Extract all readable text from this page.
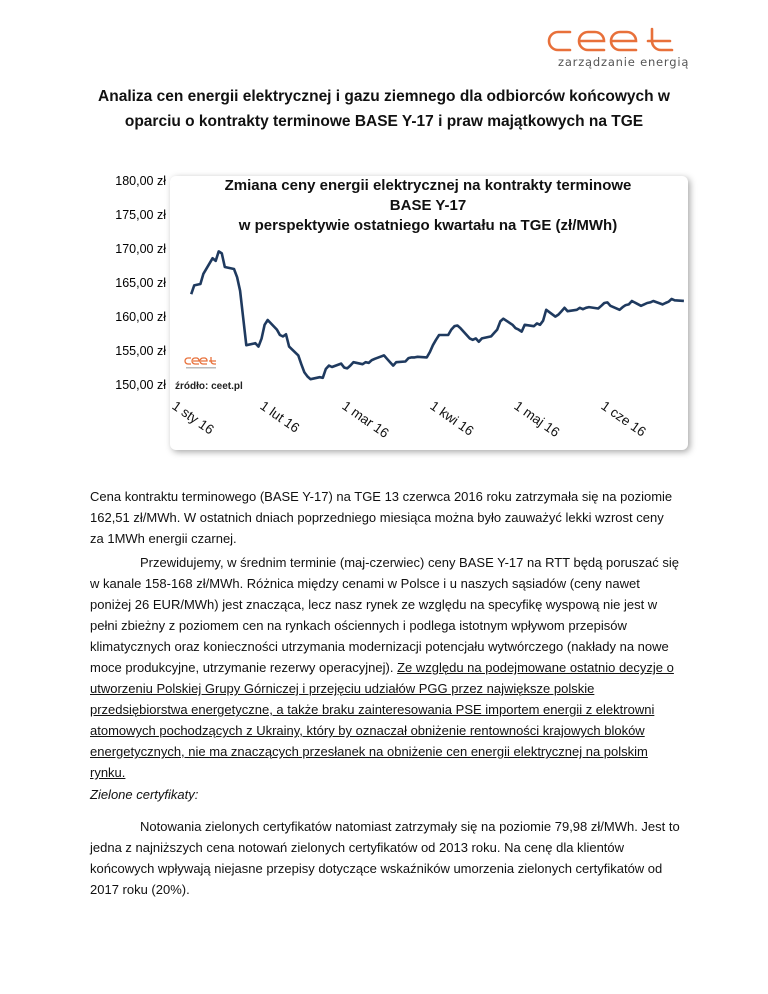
zarządzanie energią
Analiza cen energii elektrycznej i gazu ziemnego dla odbiorców końcowych w
oparciu o kontrakty terminowe BASE Y-17 i praw majątkowych na TGE
180,00 zł
175,00 zł
170,00 zł
165,00 zł
160,00 zł
155,00 zł
150,00 zł
Zmiana ceny energii elektrycznej na kontrakty terminowe
BASE Y-17
w perspektywie ostatniego kwartału na TGE (zł/MWh)
źródło: ceet.pl
1 sty 16	1 lut 16	1 mar 16	1 kwi 16	1 maj 16	1 cze 16
Cena kontraktu terminowego (BASE Y-17) na TGE 13 czerwca 2016 roku zatrzymała się na poziomie 162,51 zł/MWh. W ostatnich dniach poprzedniego miesiąca można było zauważyć lekki wzrost ceny za 1MWh energii czarnej.
Przewidujemy, w średnim terminie (maj-czerwiec) ceny BASE Y-17 na RTT będą poruszać się w kanale 158-168 zł/MWh. Różnica między cenami w Polsce i u naszych sąsiadów (ceny nawet poniżej 26 EUR/MWh) jest znacząca, lecz nasz rynek ze względu na specyfikę wyspową nie jest w pełni zbieżny z poziomem cen na rynkach ościennych i podlega istotnym wpływom przepisów klimatycznych oraz konieczności utrzymania modernizacji potencjału wytwórczego (nakłady na nowe moce produkcyjne, utrzymanie rezerwy operacyjnej). Ze względu na podejmowane ostatnio decyzje o utworzeniu Polskiej Grupy Górniczej i przejęciu udziałów PGG przez największe polskie przedsiębiorstwa energetyczne, a także braku zainteresowania PSE importem energii z elektrowni atomowych pochodzących z Ukrainy, który by oznaczał obniżenie rentowności krajowych bloków energetycznych, nie ma znaczących przesłanek na obniżenie cen energii elektrycznej na polskim rynku.
Zielone certyfikaty:
Notowania zielonych certyfikatów natomiast zatrzymały się na poziomie 79,98 zł/MWh. Jest to jedna z najniższych cena notowań zielonych certyfikatów od 2013 roku. Na cenę dla klientów końcowych wpływają niejasne przepisy dotyczące wskaźników umorzenia zielonych certyfikatów od 2017 roku (20%).
